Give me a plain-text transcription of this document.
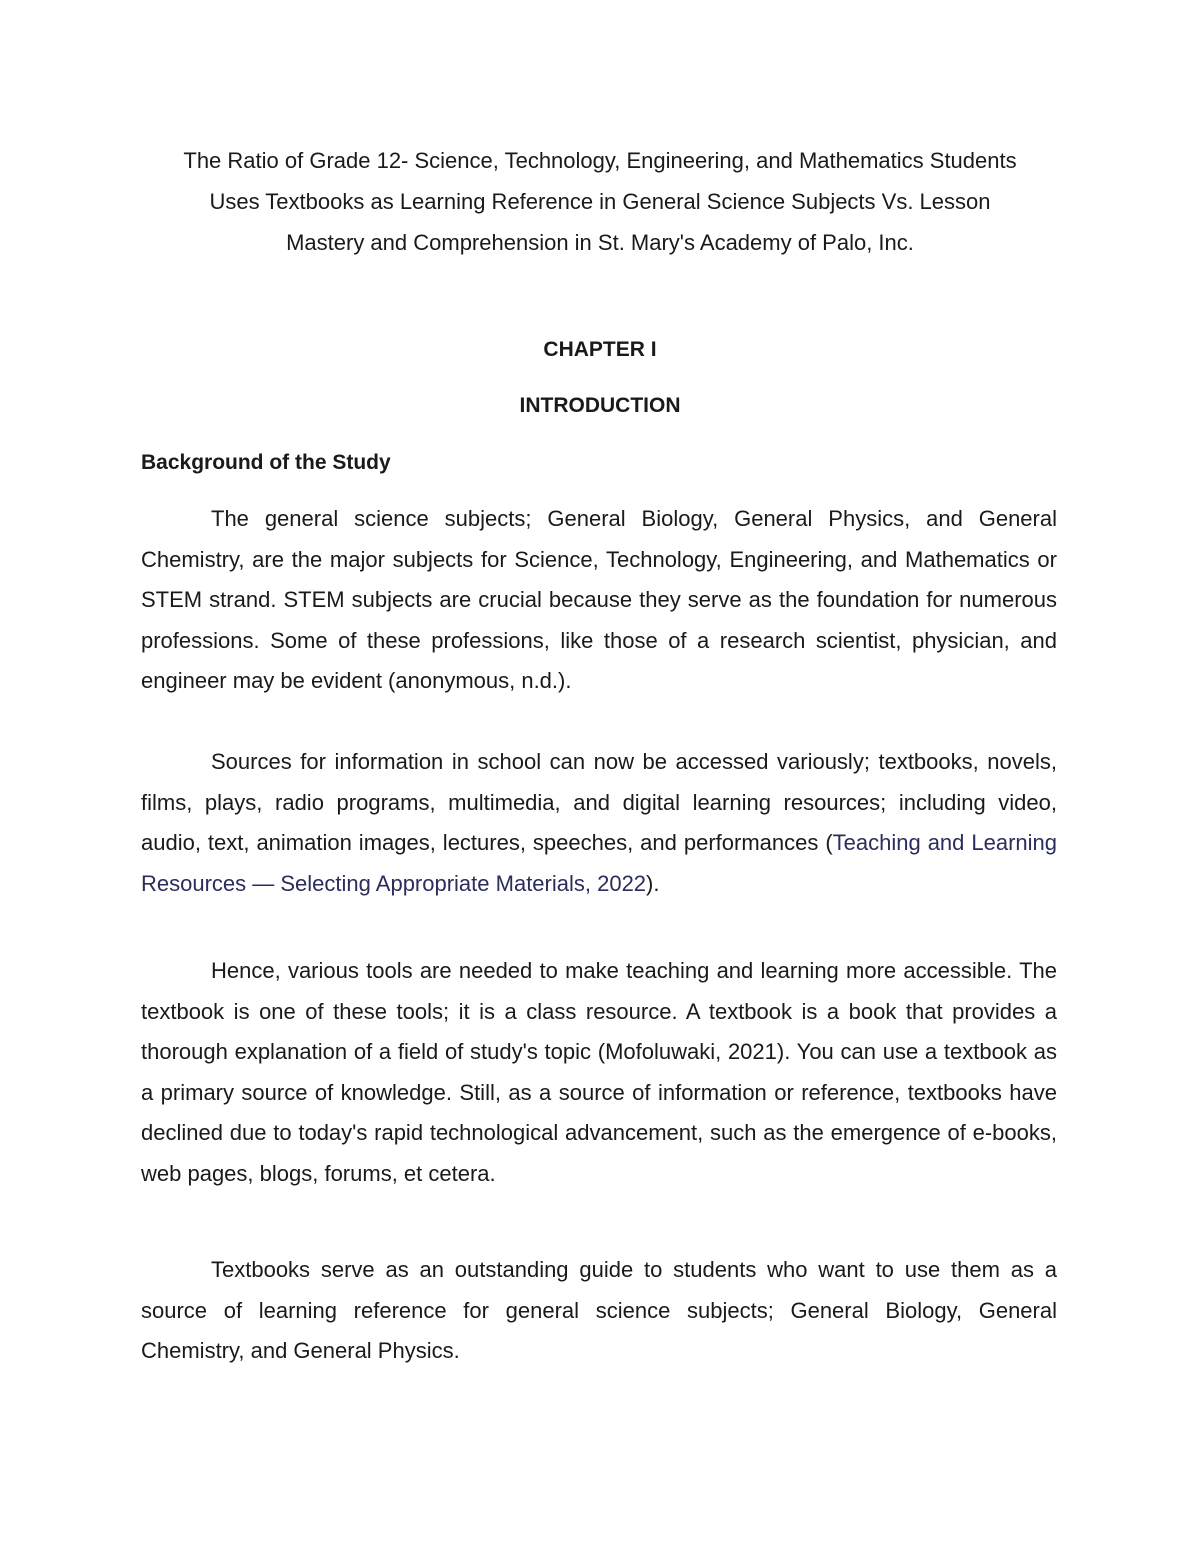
The Ratio of Grade 12- Science, Technology, Engineering, and Mathematics Students
Uses Textbooks as Learning Reference in General Science Subjects Vs. Lesson
Mastery and Comprehension in St. Mary's Academy of Palo, Inc.
CHAPTER I
INTRODUCTION
Background of the Study

The general science subjects; General Biology, General Physics, and General Chemistry, are the major subjects for Science, Technology, Engineering, and Mathematics or STEM strand. STEM subjects are crucial because they serve as the foundation for numerous professions. Some of these professions, like those of a research scientist, physician, and engineer may be evident (anonymous, n.d.).

Sources for information in school can now be accessed variously; textbooks, novels, films, plays, radio programs, multimedia, and digital learning resources; including video, audio, text, animation images, lectures, speeches, and performances (Teaching and Learning Resources — Selecting Appropriate Materials, 2022).

Hence, various tools are needed to make teaching and learning more accessible. The textbook is one of these tools; it is a class resource. A textbook is a book that provides a thorough explanation of a field of study's topic (Mofoluwaki, 2021). You can use a textbook as a primary source of knowledge. Still, as a source of information or reference, textbooks have declined due to today's rapid technological advancement, such as the emergence of e-books, web pages, blogs, forums, et cetera.

Textbooks serve as an outstanding guide to students who want to use them as a source of learning reference for general science subjects; General Biology, General Chemistry, and General Physics.
